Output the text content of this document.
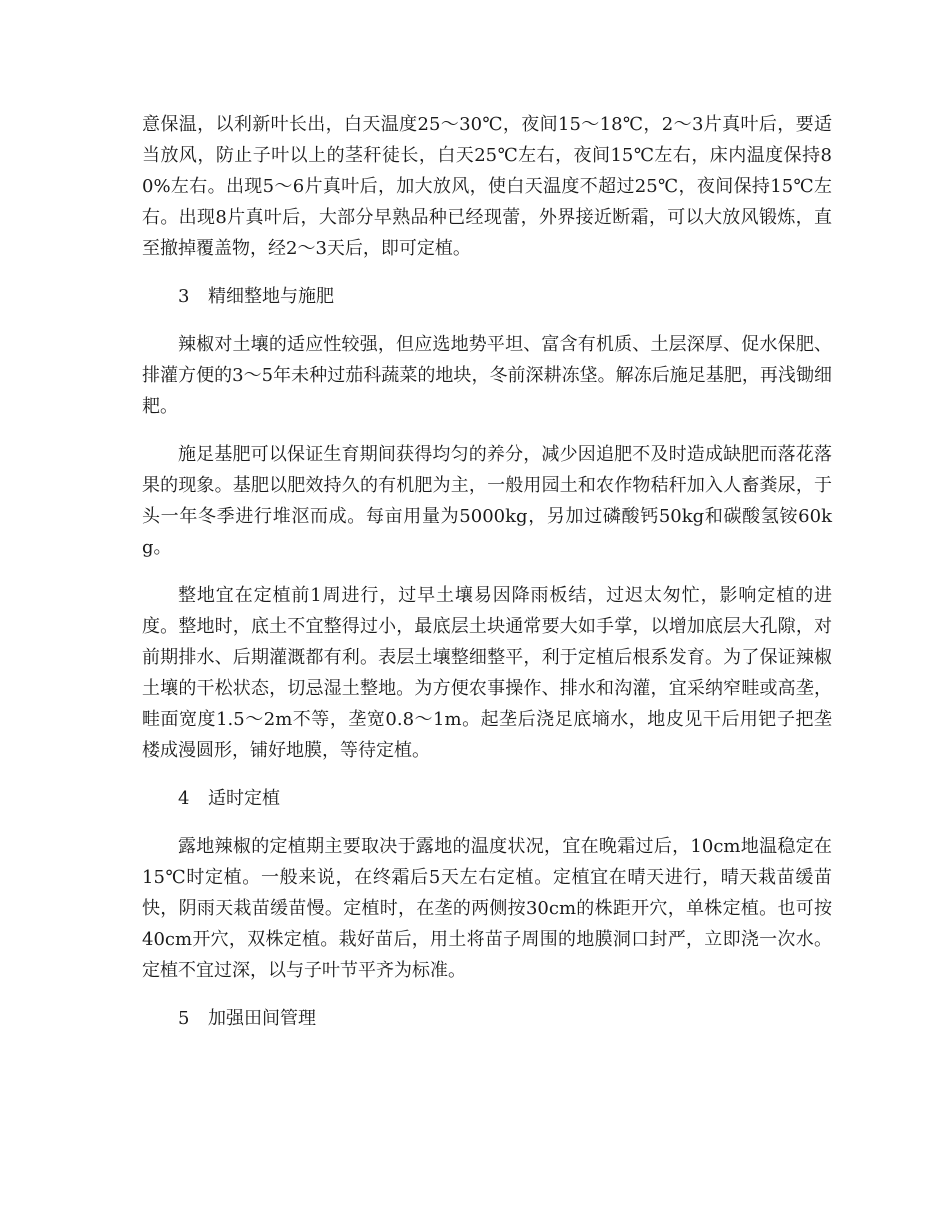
意保温，以利新叶长出，白天温度25～30℃，夜间15～18℃，2～3片真叶后，要适当放风，防止子叶以上的茎秆徒长，白天25℃左右，夜间15℃左右，床内温度保持80%左右。出现5～6片真叶后，加大放风，使白天温度不超过25℃，夜间保持15℃左右。出现8片真叶后，大部分早熟品种已经现蕾，外界接近断霜，可以大放风锻炼，直至撤掉覆盖物，经2～3天后，即可定植。

3 精细整地与施肥

辣椒对土壤的适应性较强，但应选地势平坦、富含有机质、土层深厚、促水保肥、排灌方便的3～5年未种过茄科蔬菜的地块，冬前深耕冻垡。解冻后施足基肥，再浅锄细耙。

施足基肥可以保证生育期间获得均匀的养分，减少因追肥不及时造成缺肥而落花落果的现象。基肥以肥效持久的有机肥为主，一般用园土和农作物秸秆加入人畜粪尿，于头一年冬季进行堆沤而成。每亩用量为5000kg，另加过磷酸钙50kg和碳酸氢铵60kg。

整地宜在定植前1周进行，过早土壤易因降雨板结，过迟太匆忙，影响定植的进度。整地时，底土不宜整得过小，最底层土块通常要大如手掌，以增加底层大孔隙，对前期排水、后期灌溉都有利。表层土壤整细整平，利于定植后根系发育。为了保证辣椒土壤的干松状态，切忌湿土整地。为方便农事操作、排水和沟灌，宜采纳窄畦或高垄，畦面宽度1.5～2m不等，垄宽0.8～1m。起垄后浇足底墒水，地皮见干后用钯子把垄楼成漫圆形，铺好地膜，等待定植。

4 适时定植

露地辣椒的定植期主要取决于露地的温度状况，宜在晚霜过后，10cm地温稳定在15℃时定植。一般来说，在终霜后5天左右定植。定植宜在晴天进行，晴天栽苗缓苗快，阴雨天栽苗缓苗慢。定植时，在垄的两侧按30cm的株距开穴，单株定植。也可按40cm开穴，双株定植。栽好苗后，用土将苗子周围的地膜洞口封严，立即浇一次水。定植不宜过深，以与子叶节平齐为标准。

5 加强田间管理
